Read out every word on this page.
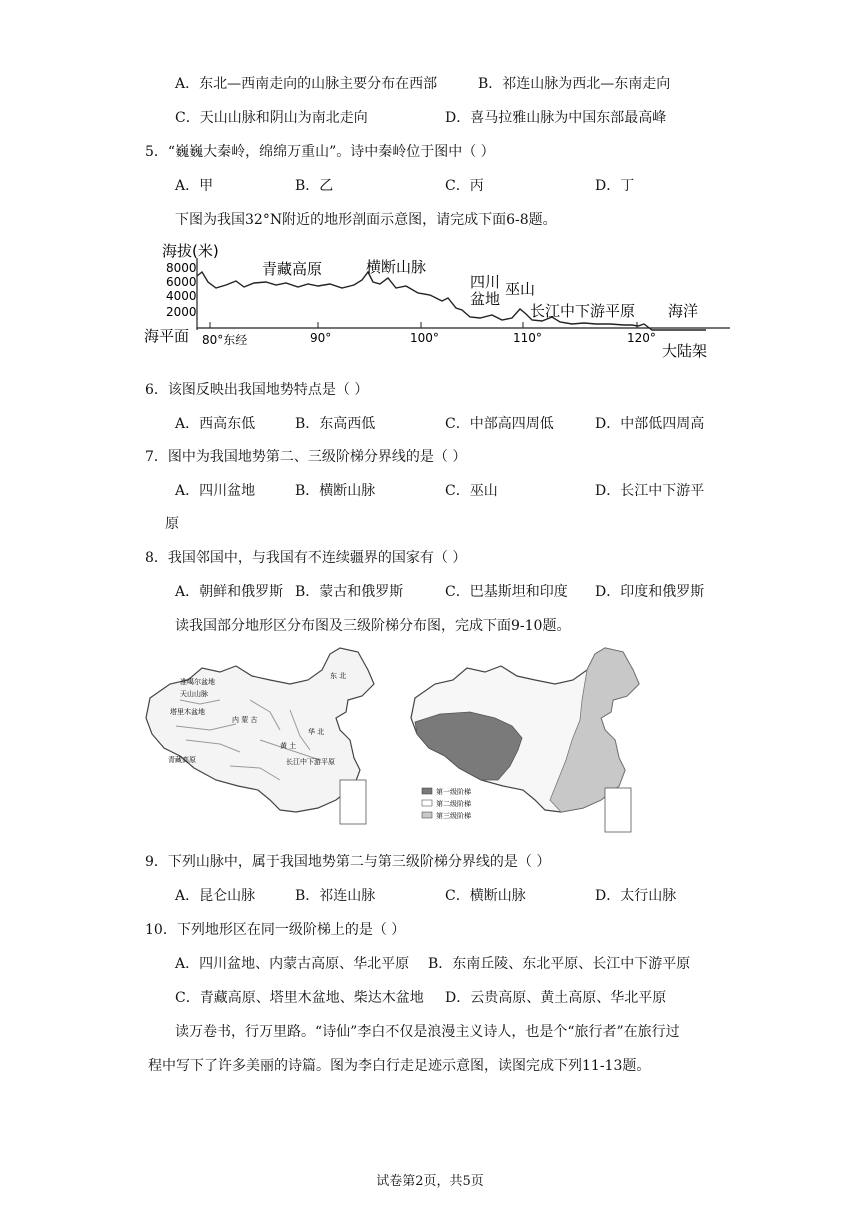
A．东北—西南走向的山脉主要分布在西部	B．祁连山脉为西北—东南走向
C．天山山脉和阴山为南北走向	D．喜马拉雅山脉为中国东部最高峰
5．“巍巍大秦岭，绵绵万重山”。诗中秦岭位于图中（ ）
A．甲	B．乙	C．丙	D．丁
下图为我国32°N附近的地形剖面示意图，请完成下面6-8题。
海拔(米)
8000
6000
4000
2000
海平面 80°东经	90°	100°	110°	120°
青藏高原	横断山脉
四川
盆地
巫山
长江中下游平原 海洋
大陆架
6．该图反映出我国地势特点是（ ）
A．西高东低	B．东高西低	C．中部高四周低	D．中部低四周高
7．图中为我国地势第二、三级阶梯分界线的是（ ）
A．四川盆地	B．横断山脉	C．巫山	D．长江中下游平
原
8．我国邻国中，与我国有不连续疆界的国家有（ ）
A．朝鲜和俄罗斯 B．蒙古和俄罗斯	C．巴基斯坦和印度 D．印度和俄罗斯
读我国部分地形区分布图及三级阶梯分布图，完成下面9-10题。
准噶尔盆地
天山山脉
塔里木盆地
青藏高原
内 蒙 古
东 北
华 北
黄 土
长江中下游平原
第一级阶梯
第二级阶梯
第三级阶梯
9．下列山脉中，属于我国地势第二与第三级阶梯分界线的是（ ）
A．昆仑山脉	B．祁连山脉	C．横断山脉	D．太行山脉
10．下列地形区在同一级阶梯上的是（ ）
A．四川盆地、内蒙古高原、华北平原 B．东南丘陵、东北平原、长江中下游平原
C．青藏高原、塔里木盆地、柴达木盆地 D．云贵高原、黄土高原、华北平原
读万卷书，行万里路。“诗仙”李白不仅是浪漫主义诗人，也是个“旅行者”在旅行过
程中写下了许多美丽的诗篇。图为李白行走足迹示意图，读图完成下列11-13题。
试卷第2页，共5页
